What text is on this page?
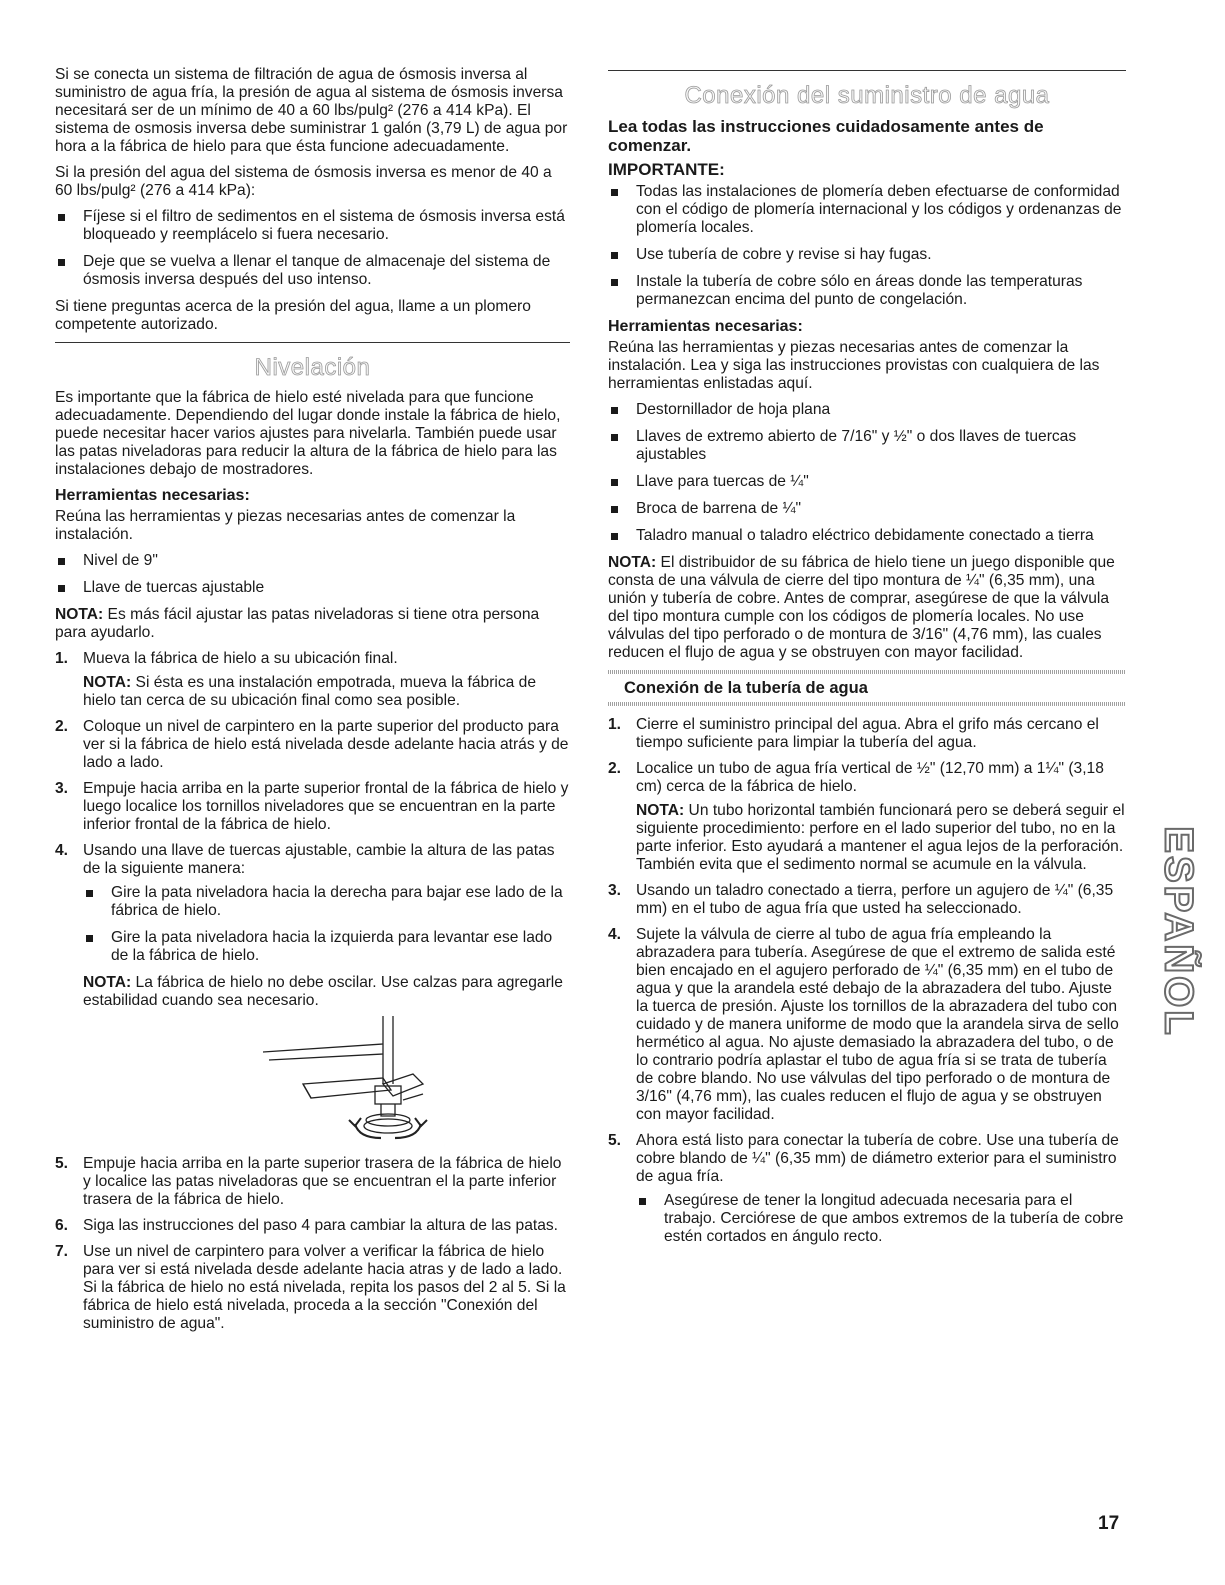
Si se conecta un sistema de filtración de agua de ósmosis inversa al suministro de agua fría, la presión de agua al sistema de ósmosis inversa necesitará ser de un mínimo de 40 a 60 lbs/pulg² (276 a 414 kPa). El sistema de osmosis inversa debe suministrar 1 galón (3,79 L) de agua por hora a la fábrica de hielo para que ésta funcione adecuadamente.

Si la presión del agua del sistema de ósmosis inversa es menor de 40 a 60 lbs/pulg² (276 a 414 kPa):

Fíjese si el filtro de sedimentos en el sistema de ósmosis inversa está bloqueado y reemplácelo si fuera necesario.
Deje que se vuelva a llenar el tanque de almacenaje del sistema de ósmosis inversa después del uso intenso.

Si tiene preguntas acerca de la presión del agua, llame a un plomero competente autorizado.

Nivelación

Es importante que la fábrica de hielo esté nivelada para que funcione adecuadamente. Dependiendo del lugar donde instale la fábrica de hielo, puede necesitar hacer varios ajustes para nivelarla. También puede usar las patas niveladoras para reducir la altura de la fábrica de hielo para las instalaciones debajo de mostradores.

Herramientas necesarias:

Reúna las herramientas y piezas necesarias antes de comenzar la instalación.

Nivel de 9"
Llave de tuercas ajustable

NOTA: Es más fácil ajustar las patas niveladoras si tiene otra persona para ayudarlo.

1. Mueva la fábrica de hielo a su ubicación final.
NOTA: Si ésta es una instalación empotrada, mueva la fábrica de hielo tan cerca de su ubicación final como sea posible.
2. Coloque un nivel de carpintero en la parte superior del producto para ver si la fábrica de hielo está nivelada desde adelante hacia atrás y de lado a lado.
3. Empuje hacia arriba en la parte superior frontal de la fábrica de hielo y luego localice los tornillos niveladores que se encuentran en la parte inferior frontal de la fábrica de hielo.
4. Usando una llave de tuercas ajustable, cambie la altura de las patas de la siguiente manera:
Gire la pata niveladora hacia la derecha para bajar ese lado de la fábrica de hielo.
Gire la pata niveladora hacia la izquierda para levantar ese lado de la fábrica de hielo.
NOTA: La fábrica de hielo no debe oscilar. Use calzas para agregarle estabilidad cuando sea necesario.
5. Empuje hacia arriba en la parte superior trasera de la fábrica de hielo y localice las patas niveladoras que se encuentran el la parte inferior trasera de la fábrica de hielo.
6. Siga las instrucciones del paso 4 para cambiar la altura de las patas.
7. Use un nivel de carpintero para volver a verificar la fábrica de hielo para ver si está nivelada desde adelante hacia atras y de lado a lado. Si la fábrica de hielo no está nivelada, repita los pasos del 2 al 5. Si la fábrica de hielo está nivelada, proceda a la sección "Conexión del suministro de agua".
Conexión del suministro de agua
Lea todas las instrucciones cuidadosamente antes de comenzar.
IMPORTANTE:
Todas las instalaciones de plomería deben efectuarse de conformidad con el código de plomería internacional y los códigos y ordenanzas de plomería locales.
Use tubería de cobre y revise si hay fugas.
Instale la tubería de cobre sólo en áreas donde las temperaturas permanezcan encima del punto de congelación.
Herramientas necesarias:

Reúna las herramientas y piezas necesarias antes de comenzar la instalación. Lea y siga las instrucciones provistas con cualquiera de las herramientas enlistadas aquí.

Destornillador de hoja plana
Llaves de extremo abierto de 7/16" y ½" o dos llaves de tuercas ajustables
Llave para tuercas de ¼"
Broca de barrena de ¼"
Taladro manual o taladro eléctrico debidamente conectado a tierra

NOTA: El distribuidor de su fábrica de hielo tiene un juego disponible que consta de una válvula de cierre del tipo montura de ¼" (6,35 mm), una unión y tubería de cobre. Antes de comprar, asegúrese de que la válvula del tipo montura cumple con los códigos de plomería locales. No use válvulas del tipo perforado o de montura de 3/16" (4,76 mm), las cuales reducen el flujo de agua y se obstruyen con mayor facilidad.

Conexión de la tubería de agua
1. Cierre el suministro principal del agua. Abra el grifo más cercano el tiempo suficiente para limpiar la tubería del agua.
2. Localice un tubo de agua fría vertical de ½" (12,70 mm) a 1¼" (3,18 cm) cerca de la fábrica de hielo.
NOTA: Un tubo horizontal también funcionará pero se deberá seguir el siguiente procedimiento: perfore en el lado superior del tubo, no en la parte inferior. Esto ayudará a mantener el agua lejos de la perforación. También evita que el sedimento normal se acumule en la válvula.
3. Usando un taladro conectado a tierra, perfore un agujero de ¼" (6,35 mm) en el tubo de agua fría que usted ha seleccionado.
4. Sujete la válvula de cierre al tubo de agua fría empleando la abrazadera para tubería. Asegúrese de que el extremo de salida esté bien encajado en el agujero perforado de ¼" (6,35 mm) en el tubo de agua y que la arandela esté debajo de la abrazadera del tubo. Ajuste la tuerca de presión. Ajuste los tornillos de la abrazadera del tubo con cuidado y de manera uniforme de modo que la arandela sirva de sello hermético al agua. No ajuste demasiado la abrazadera del tubo, o de lo contrario podría aplastar el tubo de agua fría si se trata de tubería de cobre blando. No use válvulas del tipo perforado o de montura de 3/16" (4,76 mm), las cuales reducen el flujo de agua y se obstruyen con mayor facilidad.
5. Ahora está listo para conectar la tubería de cobre. Use una tubería de cobre blando de ¼" (6,35 mm) de diámetro exterior para el suministro de agua fría.
Asegúrese de tener la longitud adecuada necesaria para el trabajo. Cerciórese de que ambos extremos de la tubería de cobre estén cortados en ángulo recto.
ESPAÑOL
17
